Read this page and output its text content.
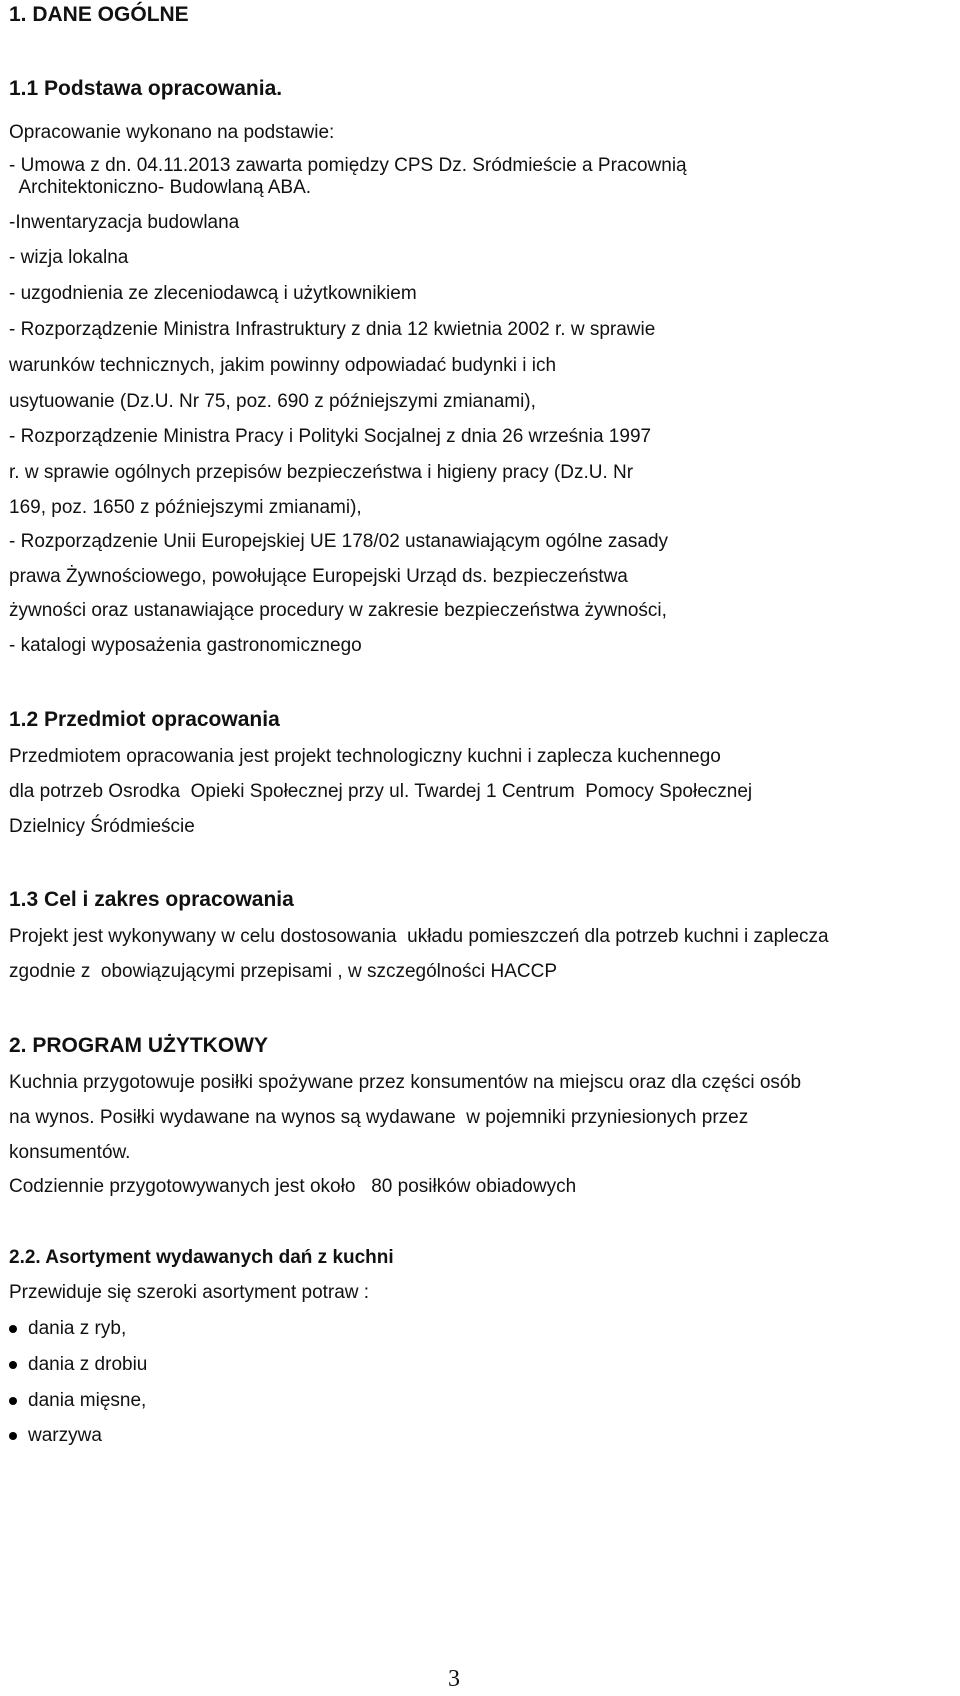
1. DANE OGÓLNE
1.1 Podstawa opracowania.
Opracowanie wykonano na podstawie:
- Umowa z dn. 04.11.2013 zawarta pomiędzy CPS Dz. Sródmieście a Pracownią
Architektoniczno- Budowlaną ABA.
-Inwentaryzacja budowlana
- wizja lokalna
- uzgodnienia ze zleceniodawcą i użytkownikiem
- Rozporządzenie Ministra Infrastruktury z dnia 12 kwietnia 2002 r. w sprawie
warunków technicznych, jakim powinny odpowiadać budynki i ich
usytuowanie (Dz.U. Nr 75, poz. 690 z późniejszymi zmianami),
- Rozporządzenie Ministra Pracy i Polityki Socjalnej z dnia 26 września 1997
r. w sprawie ogólnych przepisów bezpieczeństwa i higieny pracy (Dz.U. Nr
169, poz. 1650 z późniejszymi zmianami),
- Rozporządzenie Unii Europejskiej UE 178/02 ustanawiającym ogólne zasady
prawa Żywnościowego, powołujące Europejski Urząd ds. bezpieczeństwa
żywności oraz ustanawiające procedury w zakresie bezpieczeństwa żywności,
- katalogi wyposażenia gastronomicznego
1.2 Przedmiot opracowania
Przedmiotem opracowania jest projekt technologiczny kuchni i zaplecza kuchennego
dla potrzeb Osrodka  Opieki Społecznej przy ul. Twardej 1 Centrum  Pomocy Społecznej
Dzielnicy Śródmieście
1.3 Cel i zakres opracowania
Projekt jest wykonywany w celu dostosowania  układu pomieszczeń dla potrzeb kuchni i zaplecza
zgodnie z  obowiązującymi przepisami , w szczególności HACCP
2. PROGRAM UŻYTKOWY
Kuchnia przygotowuje posiłki spożywane przez konsumentów na miejscu oraz dla części osób
na wynos. Posiłki wydawane na wynos są wydawane  w pojemniki przyniesionych przez
konsumentów.
Codziennie przygotowywanych jest około   80 posiłków obiadowych
2.2. Asortyment wydawanych dań z kuchni
Przewiduje się szeroki asortyment potraw :
dania z ryb,
dania z drobiu
dania mięsne,
warzywa
3
